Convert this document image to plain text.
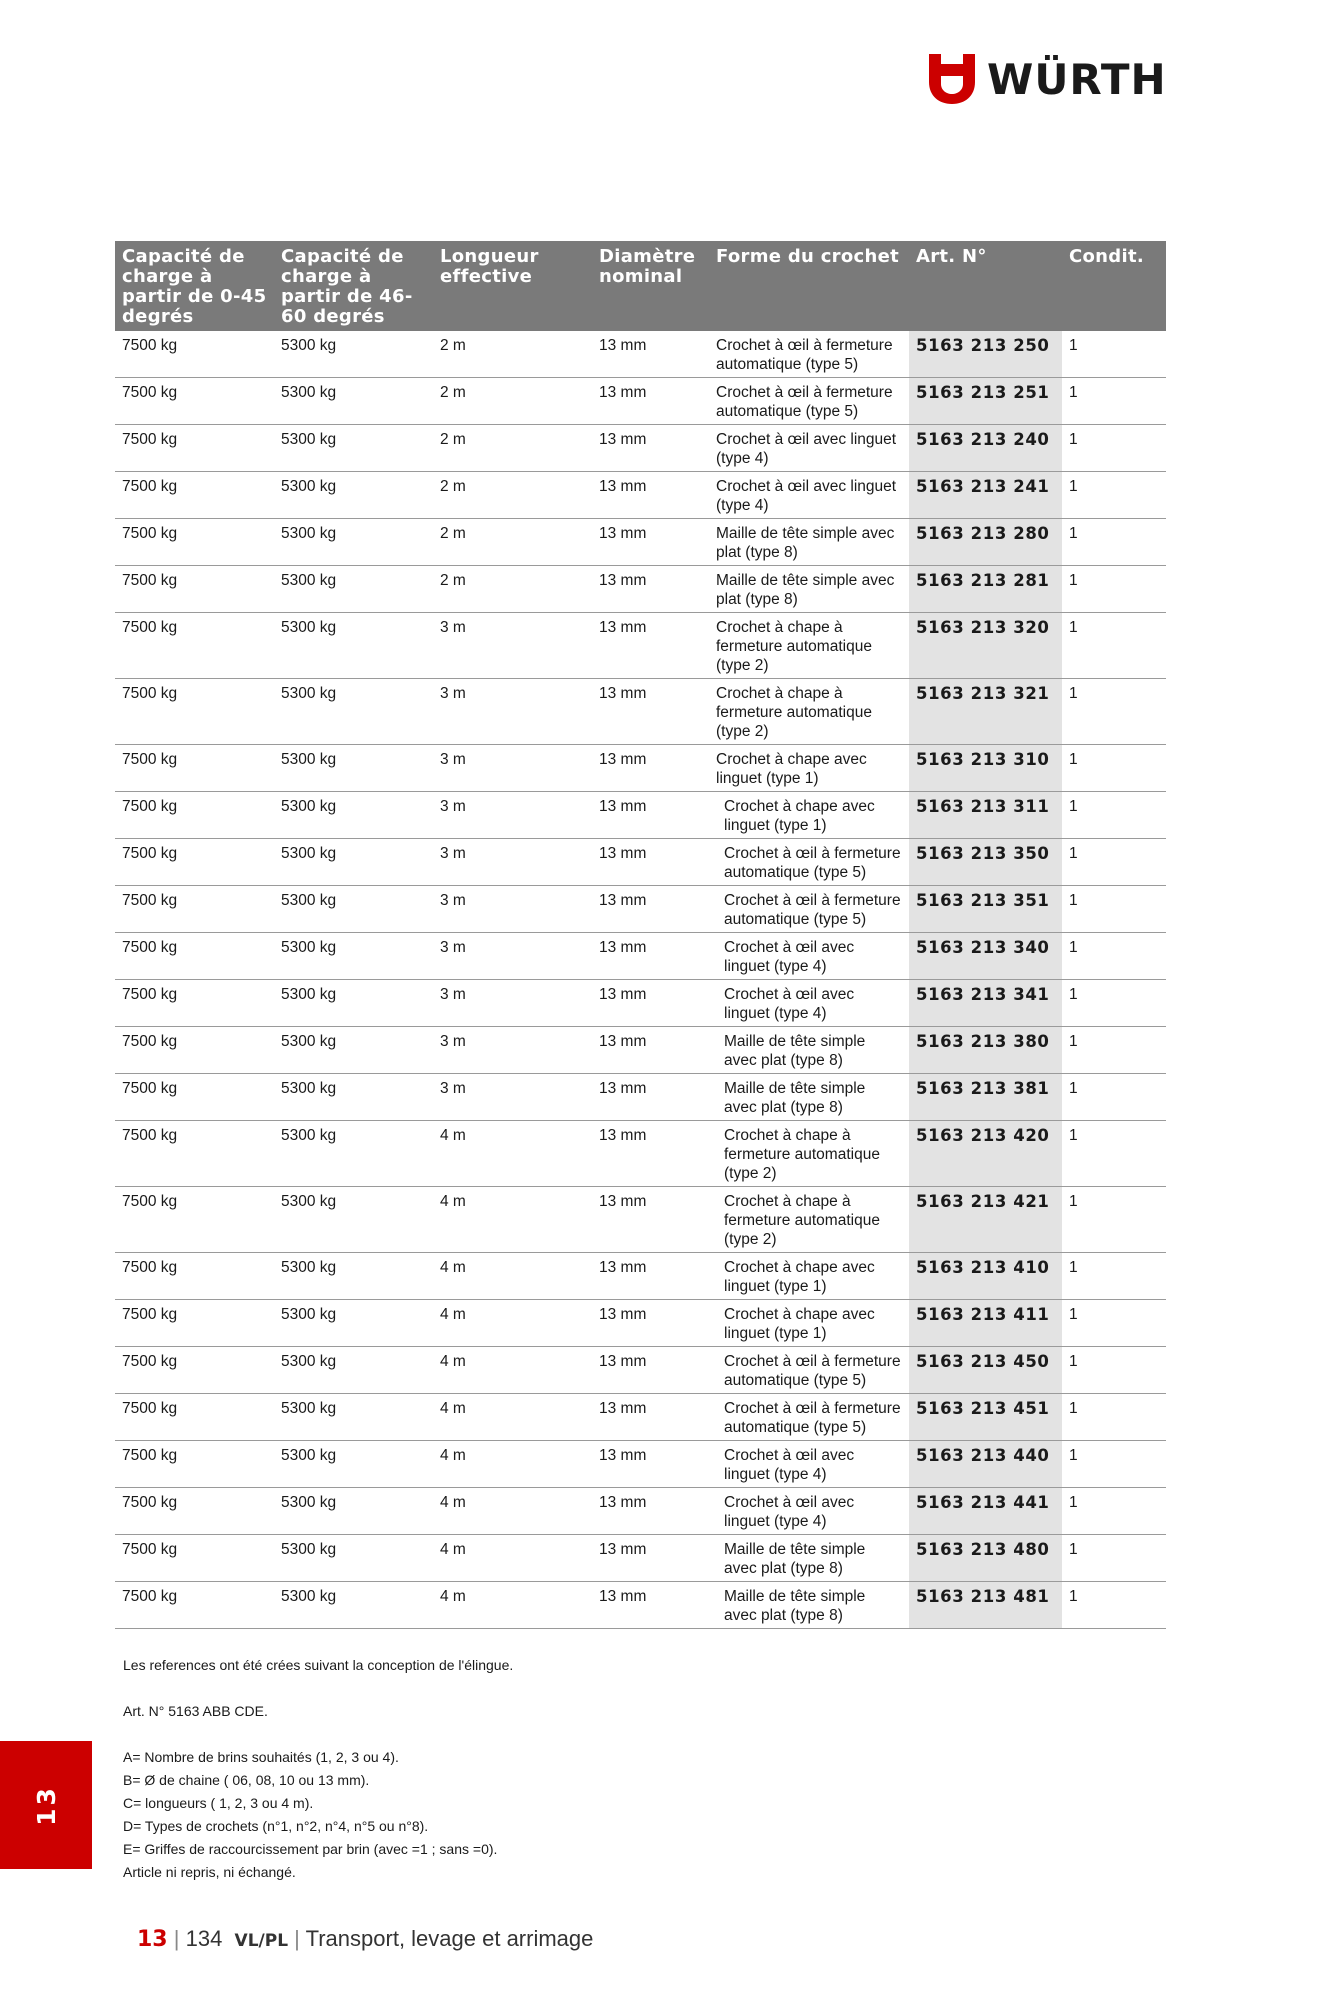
WÜRTH
Capacité de charge à partir de 0-45 degrés	Capacité de charge à partir de 46-60 degrés	Longueur effective	Diamètre nominal	Forme du crochet	Art. N°	Condit.
7500 kg	5300 kg	2 m	13 mm	Crochet à œil à fermeture automatique (type 5)	5163 213 250	1
7500 kg	5300 kg	2 m	13 mm	Crochet à œil à fermeture automatique (type 5)	5163 213 251	1
7500 kg	5300 kg	2 m	13 mm	Crochet à œil avec linguet (type 4)	5163 213 240	1
7500 kg	5300 kg	2 m	13 mm	Crochet à œil avec linguet (type 4)	5163 213 241	1
7500 kg	5300 kg	2 m	13 mm	Maille de tête simple avec plat (type 8)	5163 213 280	1
7500 kg	5300 kg	2 m	13 mm	Maille de tête simple avec plat (type 8)	5163 213 281	1
7500 kg	5300 kg	3 m	13 mm	Crochet à chape à fermeture automatique (type 2)	5163 213 320	1
7500 kg	5300 kg	3 m	13 mm	Crochet à chape à fermeture automatique (type 2)	5163 213 321	1
7500 kg	5300 kg	3 m	13 mm	Crochet à chape avec linguet (type 1)	5163 213 310	1
7500 kg	5300 kg	3 m	13 mm	Crochet à chape avec linguet (type 1)	5163 213 311	1
7500 kg	5300 kg	3 m	13 mm	Crochet à œil à fermeture automatique (type 5)	5163 213 350	1
7500 kg	5300 kg	3 m	13 mm	Crochet à œil à fermeture automatique (type 5)	5163 213 351	1
7500 kg	5300 kg	3 m	13 mm	Crochet à œil avec linguet (type 4)	5163 213 340	1
7500 kg	5300 kg	3 m	13 mm	Crochet à œil avec linguet (type 4)	5163 213 341	1
7500 kg	5300 kg	3 m	13 mm	Maille de tête simple avec plat (type 8)	5163 213 380	1
7500 kg	5300 kg	3 m	13 mm	Maille de tête simple avec plat (type 8)	5163 213 381	1
7500 kg	5300 kg	4 m	13 mm	Crochet à chape à fermeture automatique (type 2)	5163 213 420	1
7500 kg	5300 kg	4 m	13 mm	Crochet à chape à fermeture automatique (type 2)	5163 213 421	1
7500 kg	5300 kg	4 m	13 mm	Crochet à chape avec linguet (type 1)	5163 213 410	1
7500 kg	5300 kg	4 m	13 mm	Crochet à chape avec linguet (type 1)	5163 213 411	1
7500 kg	5300 kg	4 m	13 mm	Crochet à œil à fermeture automatique (type 5)	5163 213 450	1
7500 kg	5300 kg	4 m	13 mm	Crochet à œil à fermeture automatique (type 5)	5163 213 451	1
7500 kg	5300 kg	4 m	13 mm	Crochet à œil avec linguet (type 4)	5163 213 440	1
7500 kg	5300 kg	4 m	13 mm	Crochet à œil avec linguet (type 4)	5163 213 441	1
7500 kg	5300 kg	4 m	13 mm	Maille de tête simple avec plat (type 8)	5163 213 480	1
7500 kg	5300 kg	4 m	13 mm	Maille de tête simple avec plat (type 8)	5163 213 481	1

Les references ont été crées suivant la conception de l'élingue.

Art. N° 5163 ABB CDE.

A= Nombre de brins souhaités (1, 2, 3 ou 4).

B= Ø de chaine ( 06, 08, 10 ou 13 mm).

C= longueurs ( 1, 2, 3 ou 4 m).

D= Types de crochets (n°1, n°2, n°4, n°5 ou n°8).

E= Griffes de raccourcissement par brin (avec =1 ; sans =0).

Article ni repris, ni échangé.

13
13 | 134 VL/PL | Transport, levage et arrimage
